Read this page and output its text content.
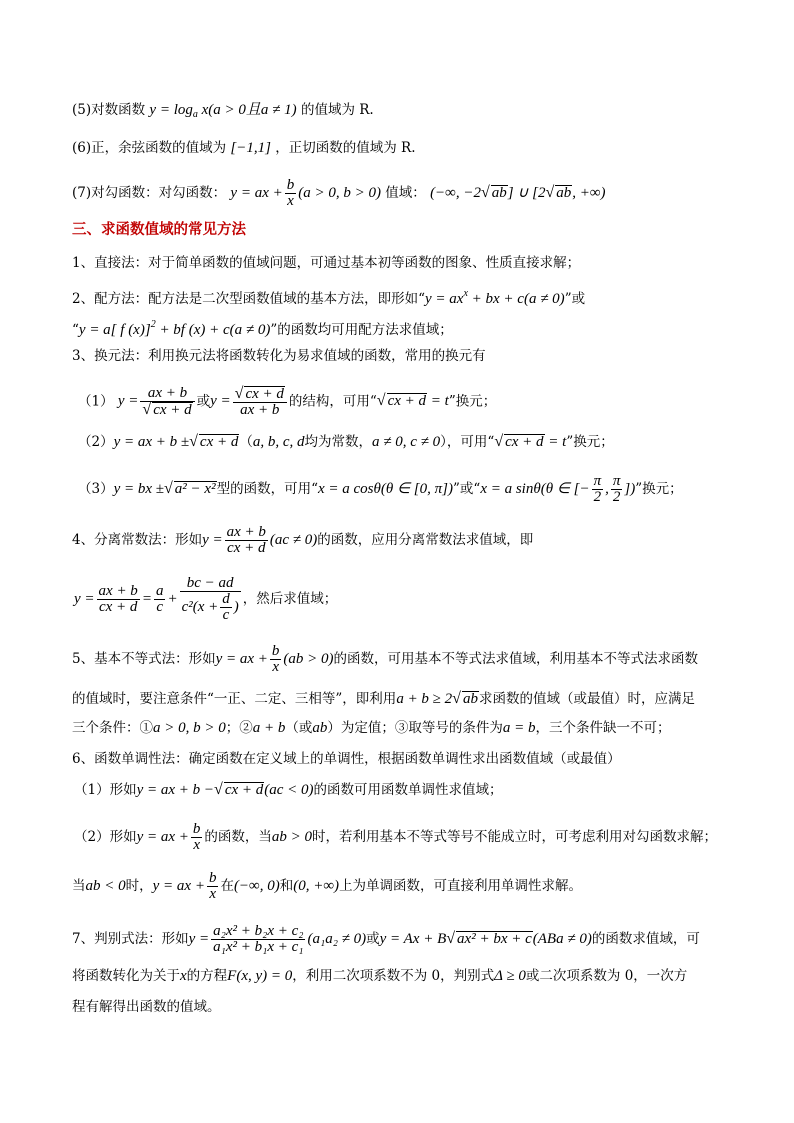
(5)对数函数 $y = \log_a x(a > 0$且a ≠ 1) 的值域为 R.
(6)正，余弦函数的值域为 [−1,1] ，正切函数的值域为 R.
(7)对勾函数：对勾函数： y = ax + $\frac{b}{x} (a > 0$, b > 0) 值域： (−∞, −2√ ab] ∪ [2√ ab, +∞)
三、求函数值域的常见方法
1、直接法：对于简单函数的值域问题，可通过基本初等函数的图象、性质直接求解；
2、配方法：配方法是二次型函数值域的基本方法，即形如“$y = ax^x$ + bx + c(a ≠ 0)”或
“y = a[ f (x)]$^2$ + bf (x) + c(a ≠ 0)”的函数均可用配方法求值域；
3、换元法：利用换元法将函数转化为易求值域的函数，常用的换元有
（1） $y = \frac{ax + b}{√ cx + d}$ 或$y = \frac{√ cx + d}{ax + b}$ 的结构，可用“√ cx + d = t”换元；
（2）y = ax + b ±√ cx + d（a, b, c, d均为常数，a ≠ 0, c ≠ 0），可用“√ cx + d = t”换元；
（3）y = bx ±√ a² − x²型的函数，可用“x = a cosθ(θ ∈ [0, π])”或“x = a sinθ(θ ∈ [− $\frac{\pi}{2}$ , $\frac{\pi}{2}$ ])”换元；
4、分离常数法：形如$y = \frac{ax + b}{cx + d} (ac \ne 0)$的函数，应用分离常数法求值域，即
$y = \frac{ax + b}{cx + d} = \frac{a}{c} + \frac{bc - ad}{c^2(x + \frac{d}{c} )}$ ，然后求值域；
5、基本不等式法：形如y = ax + $\frac{b}{x} (ab > 0)$的函数，可用基本不等式法求值域，利用基本不等式法求函数
的值域时，要注意条件“一正、二定、三相等”，即利用a + b ≥ 2√ ab求函数的值域（或最值）时，应满足
三个条件：①a > 0, b > 0；②a + b（或ab）为定值；③取等号的条件为a = b，三个条件缺一不可；
6、函数单调性法：确定函数在定义域上的单调性，根据函数单调性求出函数值域（或最值）
（1）形如y = ax + b −√ cx + d(ac < 0)的函数可用函数单调性求值域；
（2）形如y = ax + $\frac{b}{x}$ 的函数，当ab > 0时，若利用基本不等式等号不能成立时，可考虑利用对勾函数求解；
当ab < 0时，y = ax + $\frac{b}{x}$ 在(−∞, 0)和(0, +∞)上为单调函数，可直接利用单调性求解。
7、判别式法：形如$y = \frac{\text{a₂x² + b₂x + c₂}}{\text{a₁x² + b₁x + c₁}} (a_1a_2 \ne 0)$或y = Ax + B√ ax² + bx + c(ABa ≠ 0)的函数求值域，可
将函数转化为关于x的方程F(x, y) = 0，利用二次项系数不为 0，判别式Δ ≥ 0或二次项系数为 0，一次方
程有解得出函数的值域。
